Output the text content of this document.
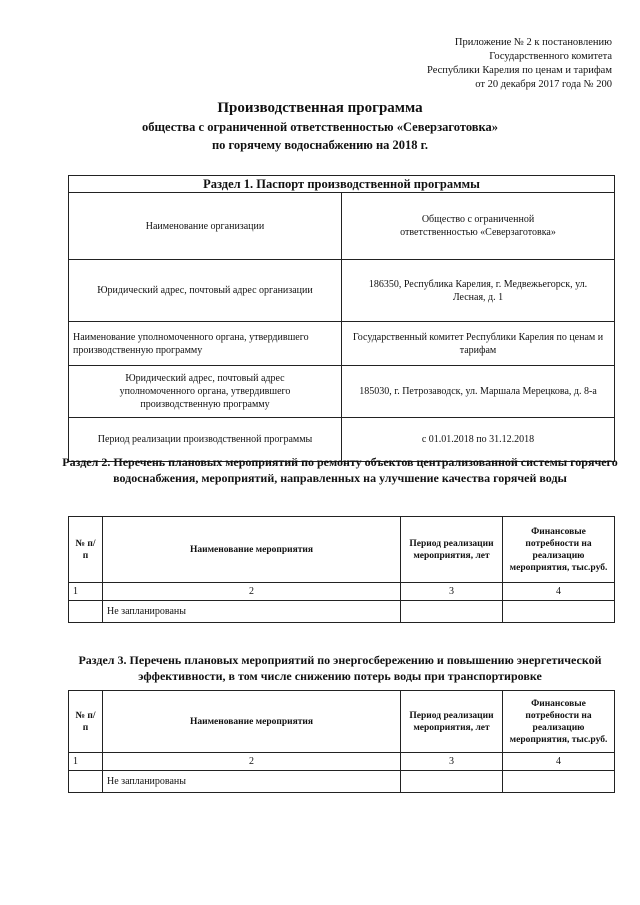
Приложение № 2 к постановлению
Государственного комитета
Республики Карелия по ценам и тарифам
от 20 декабря 2017 года № 200
Производственная программа
общества с ограниченной ответственностью «Северзаготовка»
по горячему водоснабжению на 2018 г.
Раздел 1. Паспорт производственной программы	
Наименование организации	Общество с ограниченной ответственностью «Северзаготовка»
Юридический адрес, почтовый адрес организации	186350, Республика Карелия, г. Медвежьегорск, ул. Лесная, д. 1
Наименование уполномоченного органа, утвердившего производственную программу	Государственный комитет Республики Карелия по ценам и тарифам
Юридический адрес, почтовый адрес уполномоченного органа, утвердившего производственную программу	185030, г. Петрозаводск, ул. Маршала Мерецкова, д. 8-а
Период реализации производственной программы	с 01.01.2018 по 31.12.2018
Раздел 2. Перечень плановых мероприятий по ремонту объектов централизованной системы горячего водоснабжения, мероприятий, направленных на улучшение качества горячей воды
№ п/п	Наименование мероприятия	Период реализации мероприятия, лет	Финансовые потребности на реализацию мероприятия, тыс.руб.
1	2	3	4
	Не запланированы		
Раздел 3. Перечень плановых мероприятий по энергосбережению и повышению энергетической эффективности, в том числе снижению потерь воды при транспортировке
№ п/п	Наименование мероприятия	Период реализации мероприятия, лет	Финансовые потребности на реализацию мероприятия, тыс.руб.
1	2	3	4
	Не запланированы		
